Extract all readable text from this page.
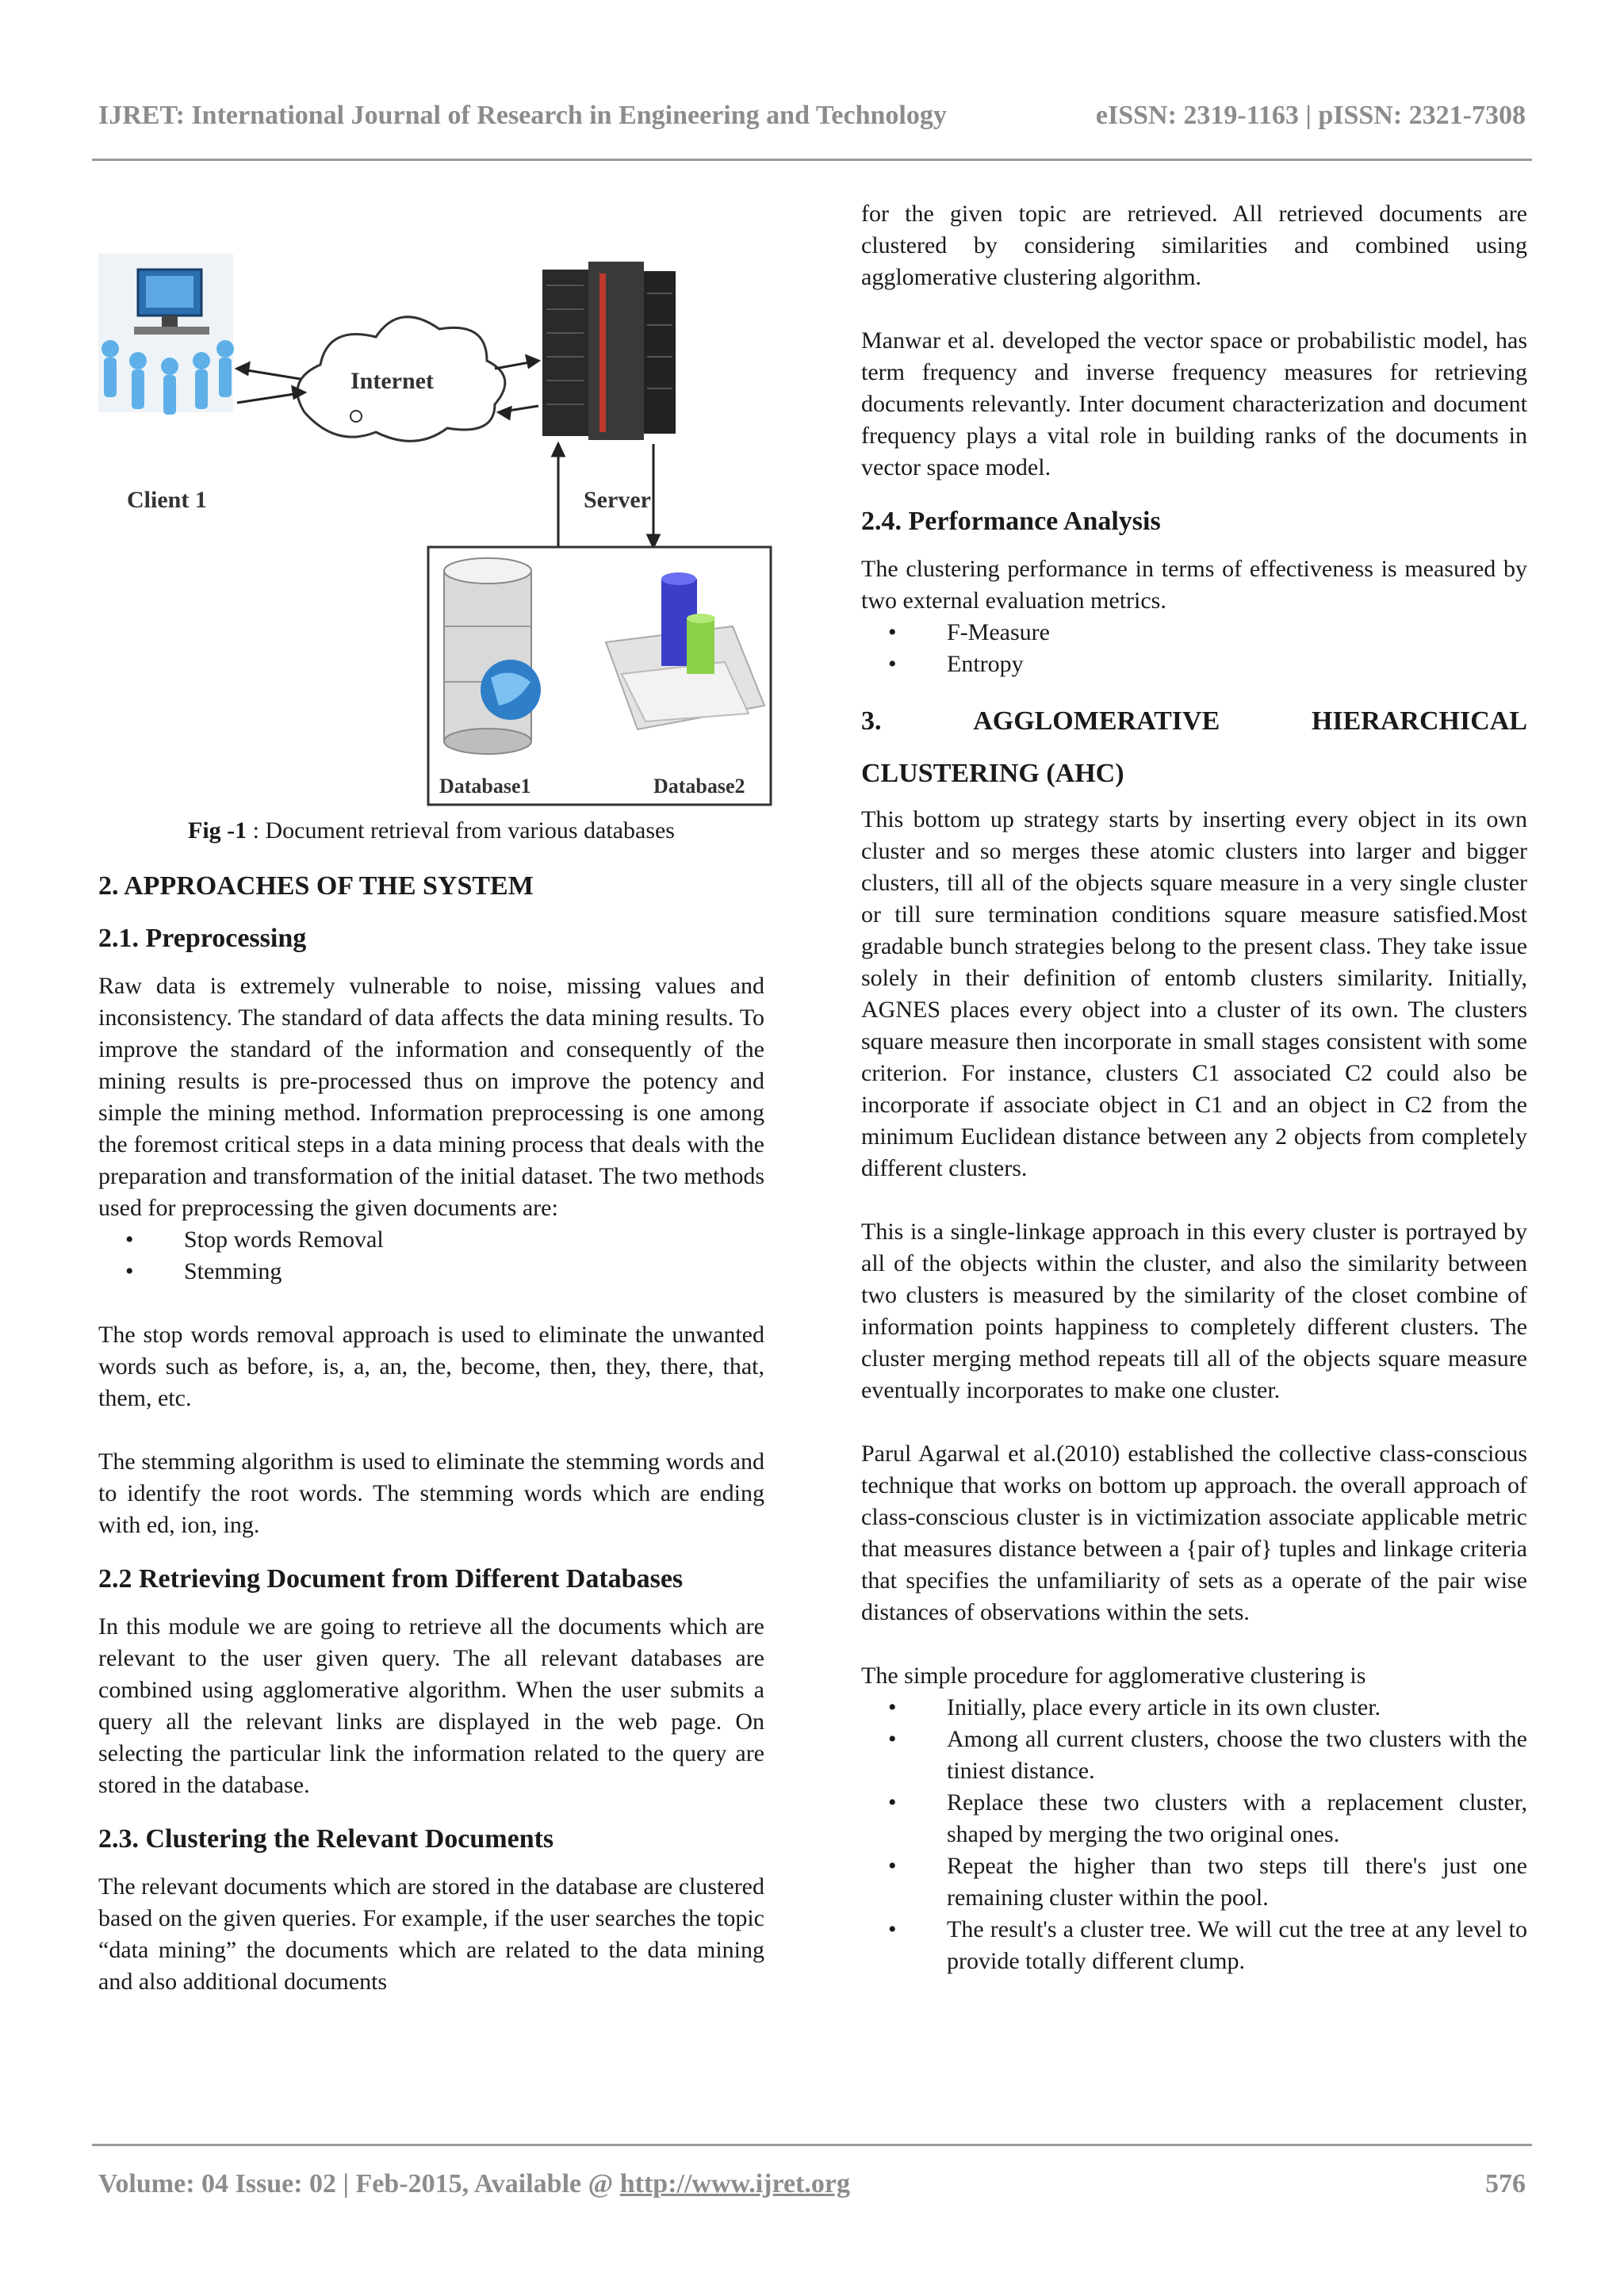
IJRET: International Journal of Research in Engineering and Technology	eISSN: 2319-1163 | pISSN: 2321-7308
Client 1
Internet
Server
Database1	Database2
Fig -1 : Document retrieval from various databases
2. APPROACHES OF THE SYSTEM
2.1. Preprocessing

Raw data is extremely vulnerable to noise, missing values and inconsistency. The standard of data affects the data mining results. To improve the standard of the information and consequently of the mining results is pre-processed thus on improve the potency and simple the mining method. Information preprocessing is one among the foremost critical steps in a data mining process that deals with the preparation and transformation of the initial dataset. The two methods used for preprocessing the given documents are:

• Stop words Removal
• Stemming

The stop words removal approach is used to eliminate the unwanted words such as before, is, a, an, the, become, then, they, there, that, them, etc.

The stemming algorithm is used to eliminate the stemming words and to identify the root words. The stemming words which are ending with ed, ion, ing.

2.2 Retrieving Document from Different Databases

In this module we are going to retrieve all the documents which are relevant to the user given query. The all relevant databases are combined using agglomerative algorithm. When the user submits a query all the relevant links are displayed in the web page. On selecting the particular link the information related to the query are stored in the database.

2.3. Clustering the Relevant Documents

The relevant documents which are stored in the database are clustered based on the given queries. For example, if the user searches the topic “data mining” the documents which are related to the data mining and also additional documents

for the given topic are retrieved. All retrieved documents are clustered by considering similarities and combined using agglomerative clustering algorithm.

Manwar et al. developed the vector space or probabilistic model, has term frequency and inverse frequency measures for retrieving documents relevantly. Inter document characterization and document frequency plays a vital role in building ranks of the documents in vector space model.

2.4. Performance Analysis

The clustering performance in terms of effectiveness is measured by two external evaluation metrics.

• F-Measure
• Entropy
3.	AGGLOMERATIVE	HIERARCHICAL
CLUSTERING (AHC)

This bottom up strategy starts by inserting every object in its own cluster and so merges these atomic clusters into larger and bigger clusters, till all of the objects square measure in a very single cluster or till sure termination conditions square measure satisfied.Most gradable bunch strategies belong to the present class. They take issue solely in their definition of entomb clusters similarity. Initially, AGNES places every object into a cluster of its own. The clusters square measure then incorporate in small stages consistent with some criterion. For instance, clusters C1 associated C2 could also be incorporate if associate object in C1 and an object in C2 from the minimum Euclidean distance between any 2 objects from completely different clusters.

This is a single-linkage approach in this every cluster is portrayed by all of the objects within the cluster, and also the similarity between two clusters is measured by the similarity of the closet combine of information points happiness to completely different clusters. The cluster merging method repeats till all of the objects square measure eventually incorporates to make one cluster.

Parul Agarwal et al.(2010) established the collective class-conscious technique that works on bottom up approach. the overall approach of class-conscious cluster is in victimization associate applicable metric that measures distance between a {pair of} tuples and linkage criteria that specifies the unfamiliarity of sets as a operate of the pair wise distances of observations within the sets.

The simple procedure for agglomerative clustering is

• Initially, place every article in its own cluster.
• Among all current clusters, choose the two clusters with the tiniest distance.
• Replace these two clusters with a replacement cluster, shaped by merging the two original ones.
• Repeat the higher than two steps till there's just one remaining cluster within the pool.
• The result's a cluster tree. We will cut the tree at any level to provide totally different clump.
Volume: 04 Issue: 02 | Feb-2015, Available @ http://www.ijret.org	576
